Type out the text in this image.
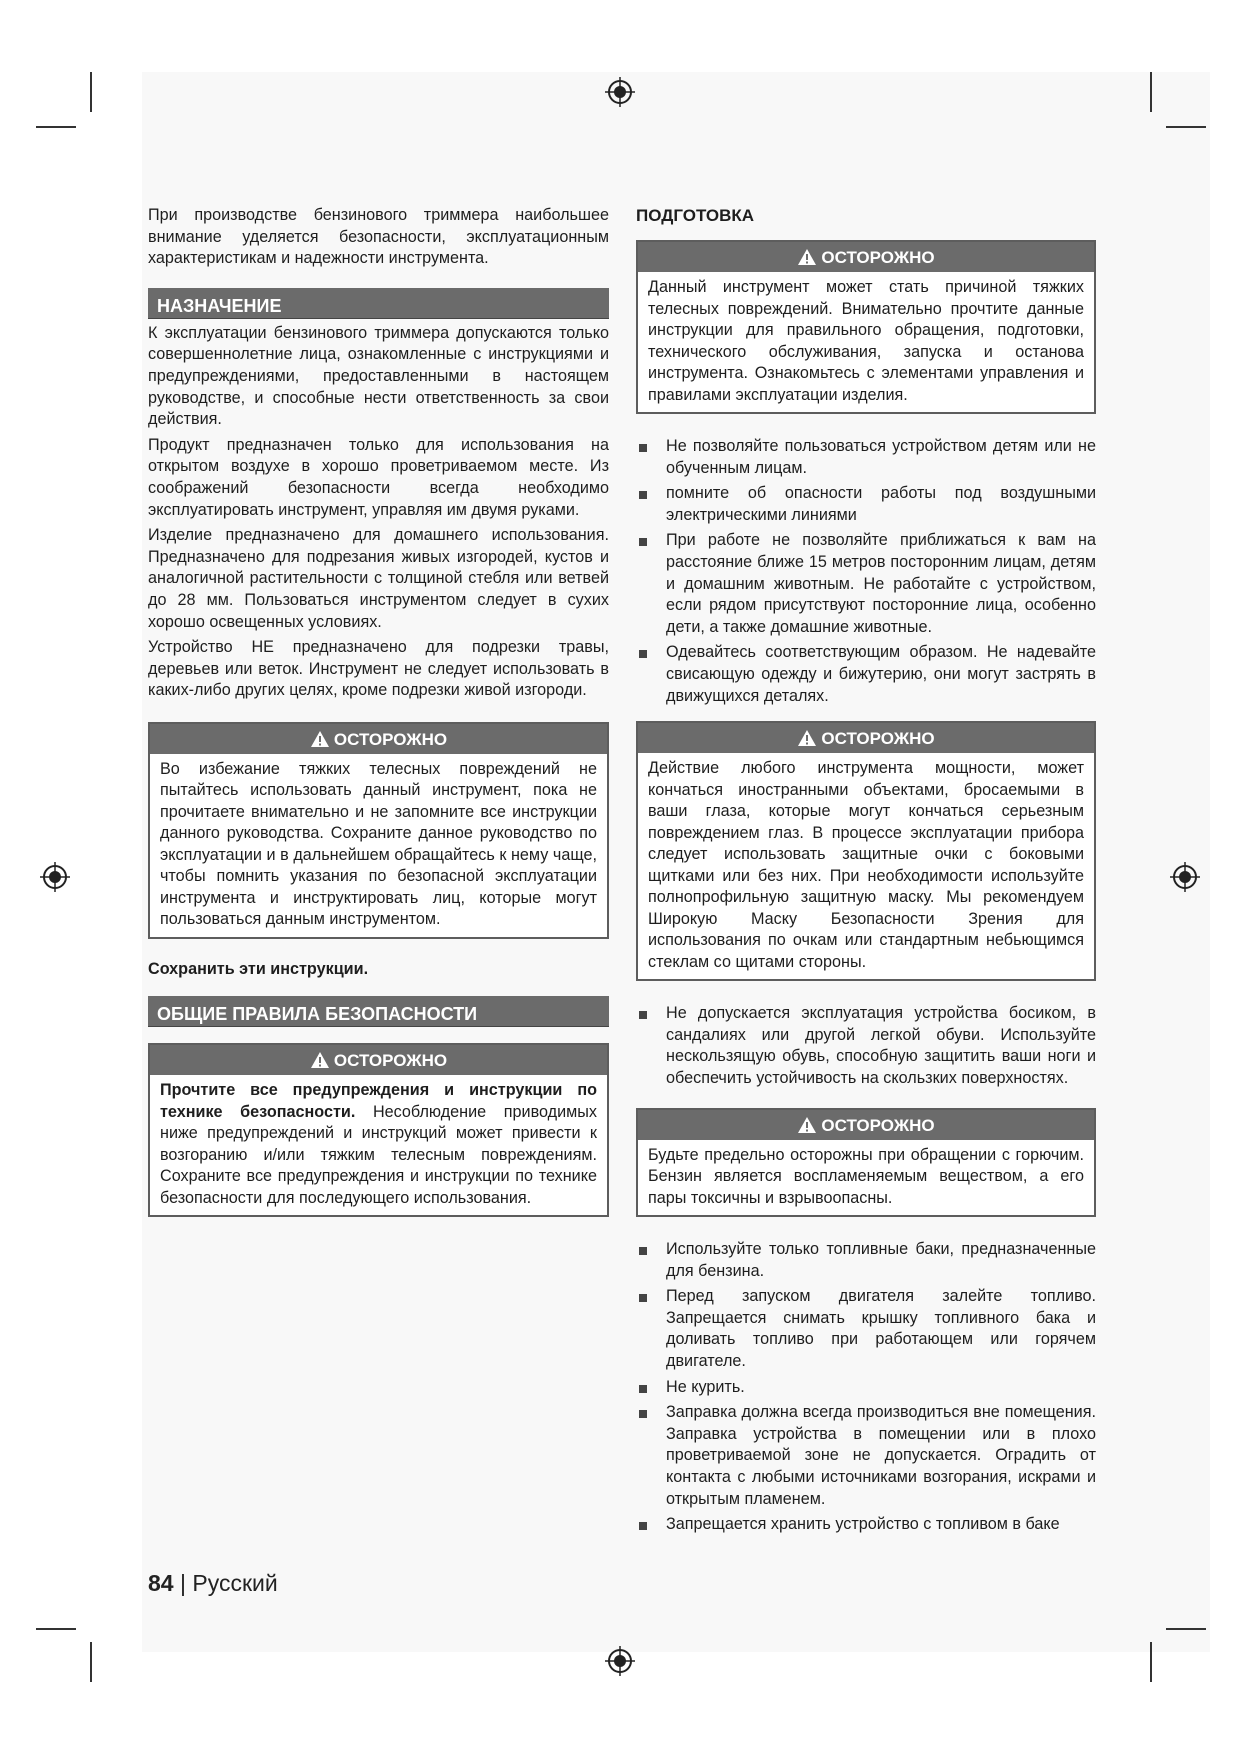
При производстве бензинового триммера наибольшее внимание уделяется безопасности, эксплуатационным характеристикам и надежности инструмента.

НАЗНАЧЕНИЕ

К эксплуатации бензинового триммера допускаются только совершеннолетние лица, ознакомленные с инструкциями и предупреждениями, предоставленными в настоящем руководстве, и способные нести ответственность за свои действия.

Продукт предназначен только для использования на открытом воздухе в хорошо проветриваемом месте. Из соображений безопасности всегда необходимо эксплуатировать инструмент, управляя им двумя руками.

Изделие предназначено для домашнего использования. Предназначено для подрезания живых изгородей, кустов и аналогичной растительности с толщиной стебля или ветвей до 28 мм. Пользоваться инструментом следует в сухих хорошо освещенных условиях.

Устройство НЕ предназначено для подрезки травы, деревьев или веток. Инструмент не следует использовать в каких-либо других целях, кроме подрезки живой изгороди.

ОСТОРОЖНО

Во избежание тяжких телесных повреждений не пытайтесь использовать данный инструмент, пока не прочитаете внимательно и не запомните все инструкции данного руководства. Сохраните данное руководство по эксплуатации и в дальнейшем обращайтесь к нему чаще, чтобы помнить указания по безопасной эксплуатации инструмента и инструктировать лиц, которые могут пользоваться данным инструментом.

Сохранить эти инструкции.

ОБЩИЕ ПРАВИЛА БЕЗОПАСНОСТИ
ОСТОРОЖНО

Прочтите все предупреждения и инструкции по технике безопасности. Несоблюдение приводимых ниже предупреждений и инструкций может привести к возгоранию и/или тяжким телесным повреждениям. Сохраните все предупреждения и инструкции по технике безопасности для последующего использования.

ПОДГОТОВКА
ОСТОРОЖНО

Данный инструмент может стать причиной тяжких телесных повреждений. Внимательно прочтите данные инструкции для правильного обращения, подготовки, технического обслуживания, запуска и останова инструмента. Ознакомьтесь с элементами управления и правилами эксплуатации изделия.

Не позволяйте пользоваться устройством детям или не обученным лицам.
помните об опасности работы под воздушными электрическими линиями
При работе не позволяйте приближаться к вам на расстояние ближе 15 метров посторонним лицам, детям и домашним животным. Не работайте с устройством, если рядом присутствуют посторонние лица, особенно дети, а также домашние животные.
Одевайтесь соответствующим образом. Не надевайте свисающую одежду и бижутерию, они могут застрять в движущихся деталях.
ОСТОРОЖНО

Действие любого инструмента мощности, может кончаться иностранными объектами, бросаемыми в ваши глаза, которые могут кончаться серьезным повреждением глаз. В процессе эксплуатации прибора следует использовать защитные очки с боковыми щитками или без них. При необходимости используйте полнопрофильную защитную маску. Мы рекомендуем Широкую Маску Безопасности Зрения для использования по очкам или стандартным небьющимся стеклам со щитами стороны.

Не допускается эксплуатация устройства босиком, в сандалиях или другой легкой обуви. Используйте нескользящую обувь, способную защитить ваши ноги и обеспечить устойчивость на скользких поверхностях.
ОСТОРОЖНО

Будьте предельно осторожны при обращении с горючим. Бензин является воспламеняемым веществом, а его пары токсичны и взрывоопасны.

Используйте только топливные баки, предназначенные для бензина.
Перед запуском двигателя залейте топливо. Запрещается снимать крышку топливного бака и доливать топливо при работающем или горячем двигателе.
Не курить.
Заправка должна всегда производиться вне помещения. Заправка устройства в помещении или в плохо проветриваемой зоне не допускается. Оградить от контакта с любыми источниками возгорания, искрами и открытым пламенем.
Запрещается хранить устройство с топливом в баке
84 | Русский
